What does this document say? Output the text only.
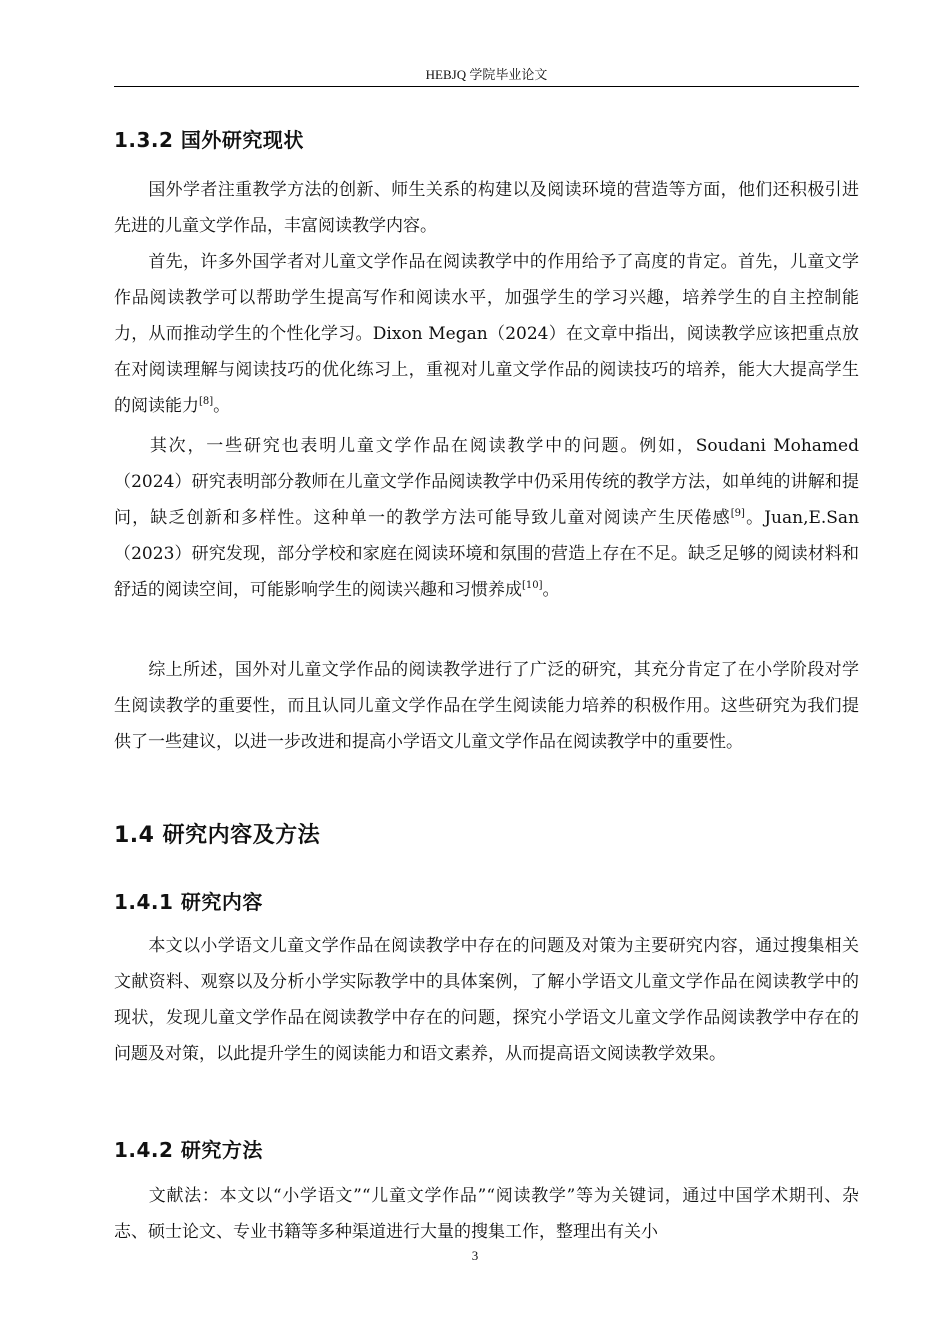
HEBJQ 学院毕业论文
1.3.2 国外研究现状

国外学者注重教学方法的创新、师生关系的构建以及阅读环境的营造等方面，他们还积极引进先进的儿童文学作品，丰富阅读教学内容。

首先，许多外国学者对儿童文学作品在阅读教学中的作用给予了高度的肯定。首先，儿童文学作品阅读教学可以帮助学生提高写作和阅读水平，加强学生的学习兴趣，培养学生的自主控制能力，从而推动学生的个性化学习。Dixon Megan（2024）在文章中指出，阅读教学应该把重点放在对阅读理解与阅读技巧的优化练习上，重视对儿童文学作品的阅读技巧的培养，能大大提高学生的阅读能力[8]。

其次，一些研究也表明儿童文学作品在阅读教学中的问题。例如，Soudani Mohamed（2024）研究表明部分教师在儿童文学作品阅读教学中仍采用传统的教学方法，如单纯的讲解和提问，缺乏创新和多样性。这种单一的教学方法可能导致儿童对阅读产生厌倦感[9]。Juan,E.San（2023）研究发现，部分学校和家庭在阅读环境和氛围的营造上存在不足。缺乏足够的阅读材料和舒适的阅读空间，可能影响学生的阅读兴趣和习惯养成[10]。

综上所述，国外对儿童文学作品的阅读教学进行了广泛的研究，其充分肯定了在小学阶段对学生阅读教学的重要性，而且认同儿童文学作品在学生阅读能力培养的积极作用。这些研究为我们提供了一些建议，以进一步改进和提高小学语文儿童文学作品在阅读教学中的重要性。

1.4 研究内容及方法
1.4.1 研究内容

本文以小学语文儿童文学作品在阅读教学中存在的问题及对策为主要研究内容，通过搜集相关文献资料、观察以及分析小学实际教学中的具体案例，了解小学语文儿童文学作品在阅读教学中的现状，发现儿童文学作品在阅读教学中存在的问题，探究小学语文儿童文学作品阅读教学中存在的问题及对策，以此提升学生的阅读能力和语文素养，从而提高语文阅读教学效果。

1.4.2 研究方法

文献法：本文以“小学语文”“儿童文学作品”“阅读教学”等为关键词，通过中国学术期刊、杂志、硕士论文、专业书籍等多种渠道进行大量的搜集工作，整理出有关小

3
